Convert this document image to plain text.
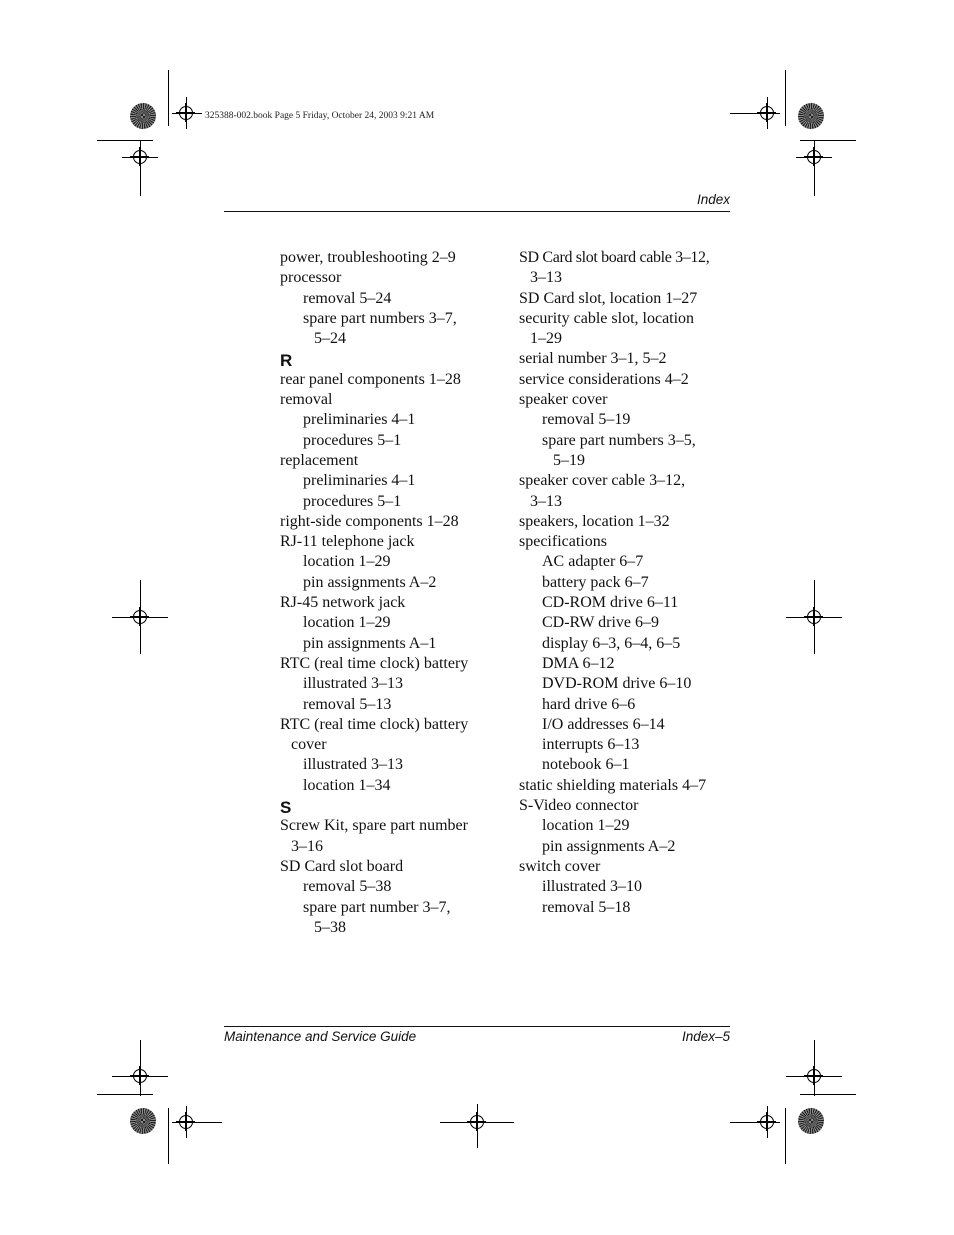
325388-002.book Page 5 Friday, October 24, 2003 9:21 AM
Index
power, troubleshooting 2–9
processor
removal 5–24
spare part numbers 3–7,
5–24
R
rear panel components 1–28
removal
preliminaries 4–1
procedures 5–1
replacement
preliminaries 4–1
procedures 5–1
right-side components 1–28
RJ-11 telephone jack
location 1–29
pin assignments A–2
RJ-45 network jack
location 1–29
pin assignments A–1
RTC (real time clock) battery
illustrated 3–13
removal 5–13
RTC (real time clock) battery
cover
illustrated 3–13
location 1–34
S
Screw Kit, spare part number
3–16
SD Card slot board
removal 5–38
spare part number 3–7,
5–38
SD Card slot board cable 3–12,
3–13
SD Card slot, location 1–27
security cable slot, location
1–29
serial number 3–1, 5–2
service considerations 4–2
speaker cover
removal 5–19
spare part numbers 3–5,
5–19
speaker cover cable 3–12,
3–13
speakers, location 1–32
specifications
AC adapter 6–7
battery pack 6–7
CD-ROM drive 6–11
CD-RW drive 6–9
display 6–3, 6–4, 6–5
DMA 6–12
DVD-ROM drive 6–10
hard drive 6–6
I/O addresses 6–14
interrupts 6–13
notebook 6–1
static shielding materials 4–7
S-Video connector
location 1–29
pin assignments A–2
switch cover
illustrated 3–10
removal 5–18
Maintenance and Service Guide	Index–5
